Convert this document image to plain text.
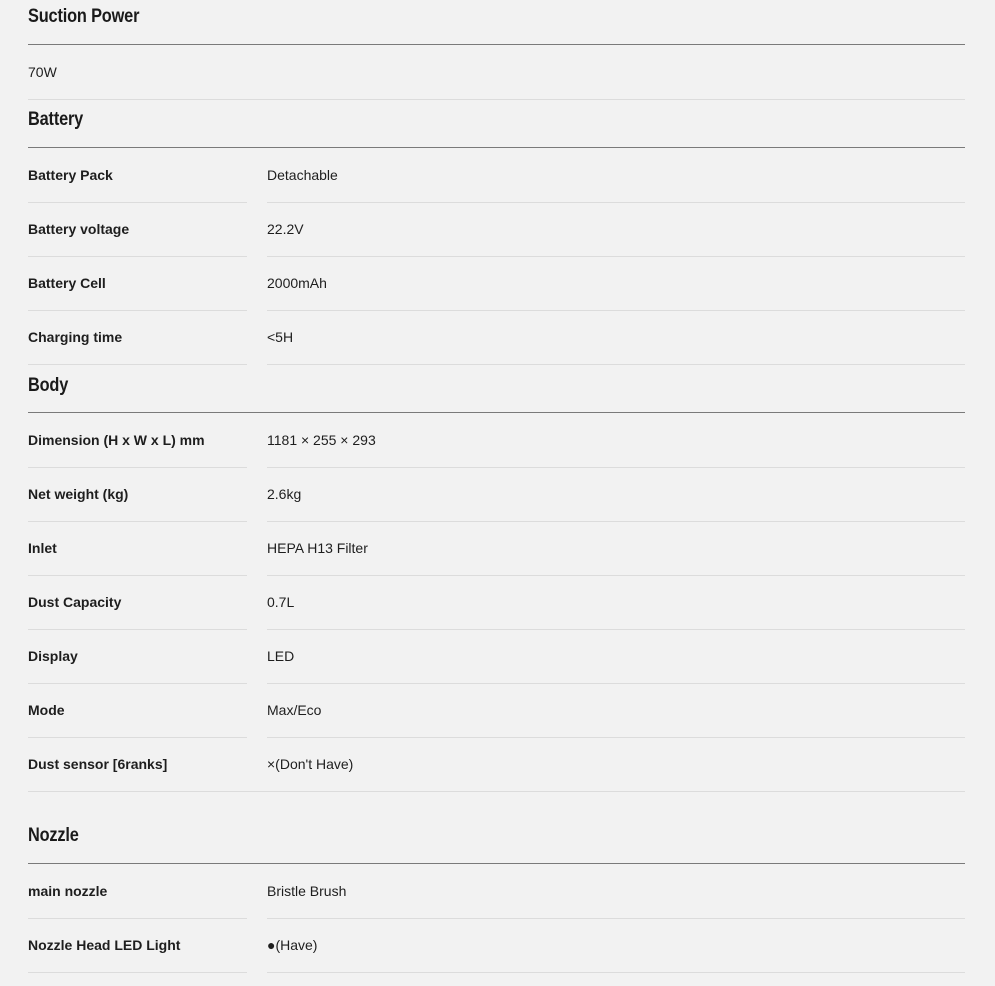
Suction Power
70W
Battery
Battery Pack	Detachable
Battery voltage	22.2V
Battery Cell	2000mAh
Charging time	<5H
Body
Dimension (H x W x L) mm	1181 × 255 × 293
Net weight (kg)	2.6kg
Inlet	HEPA H13 Filter
Dust Capacity	0.7L
Display	LED
Mode	Max/Eco
Dust sensor [6ranks]	×(Don't Have)
Nozzle
main nozzle	Bristle Brush
Nozzle Head LED Light	●(Have)
